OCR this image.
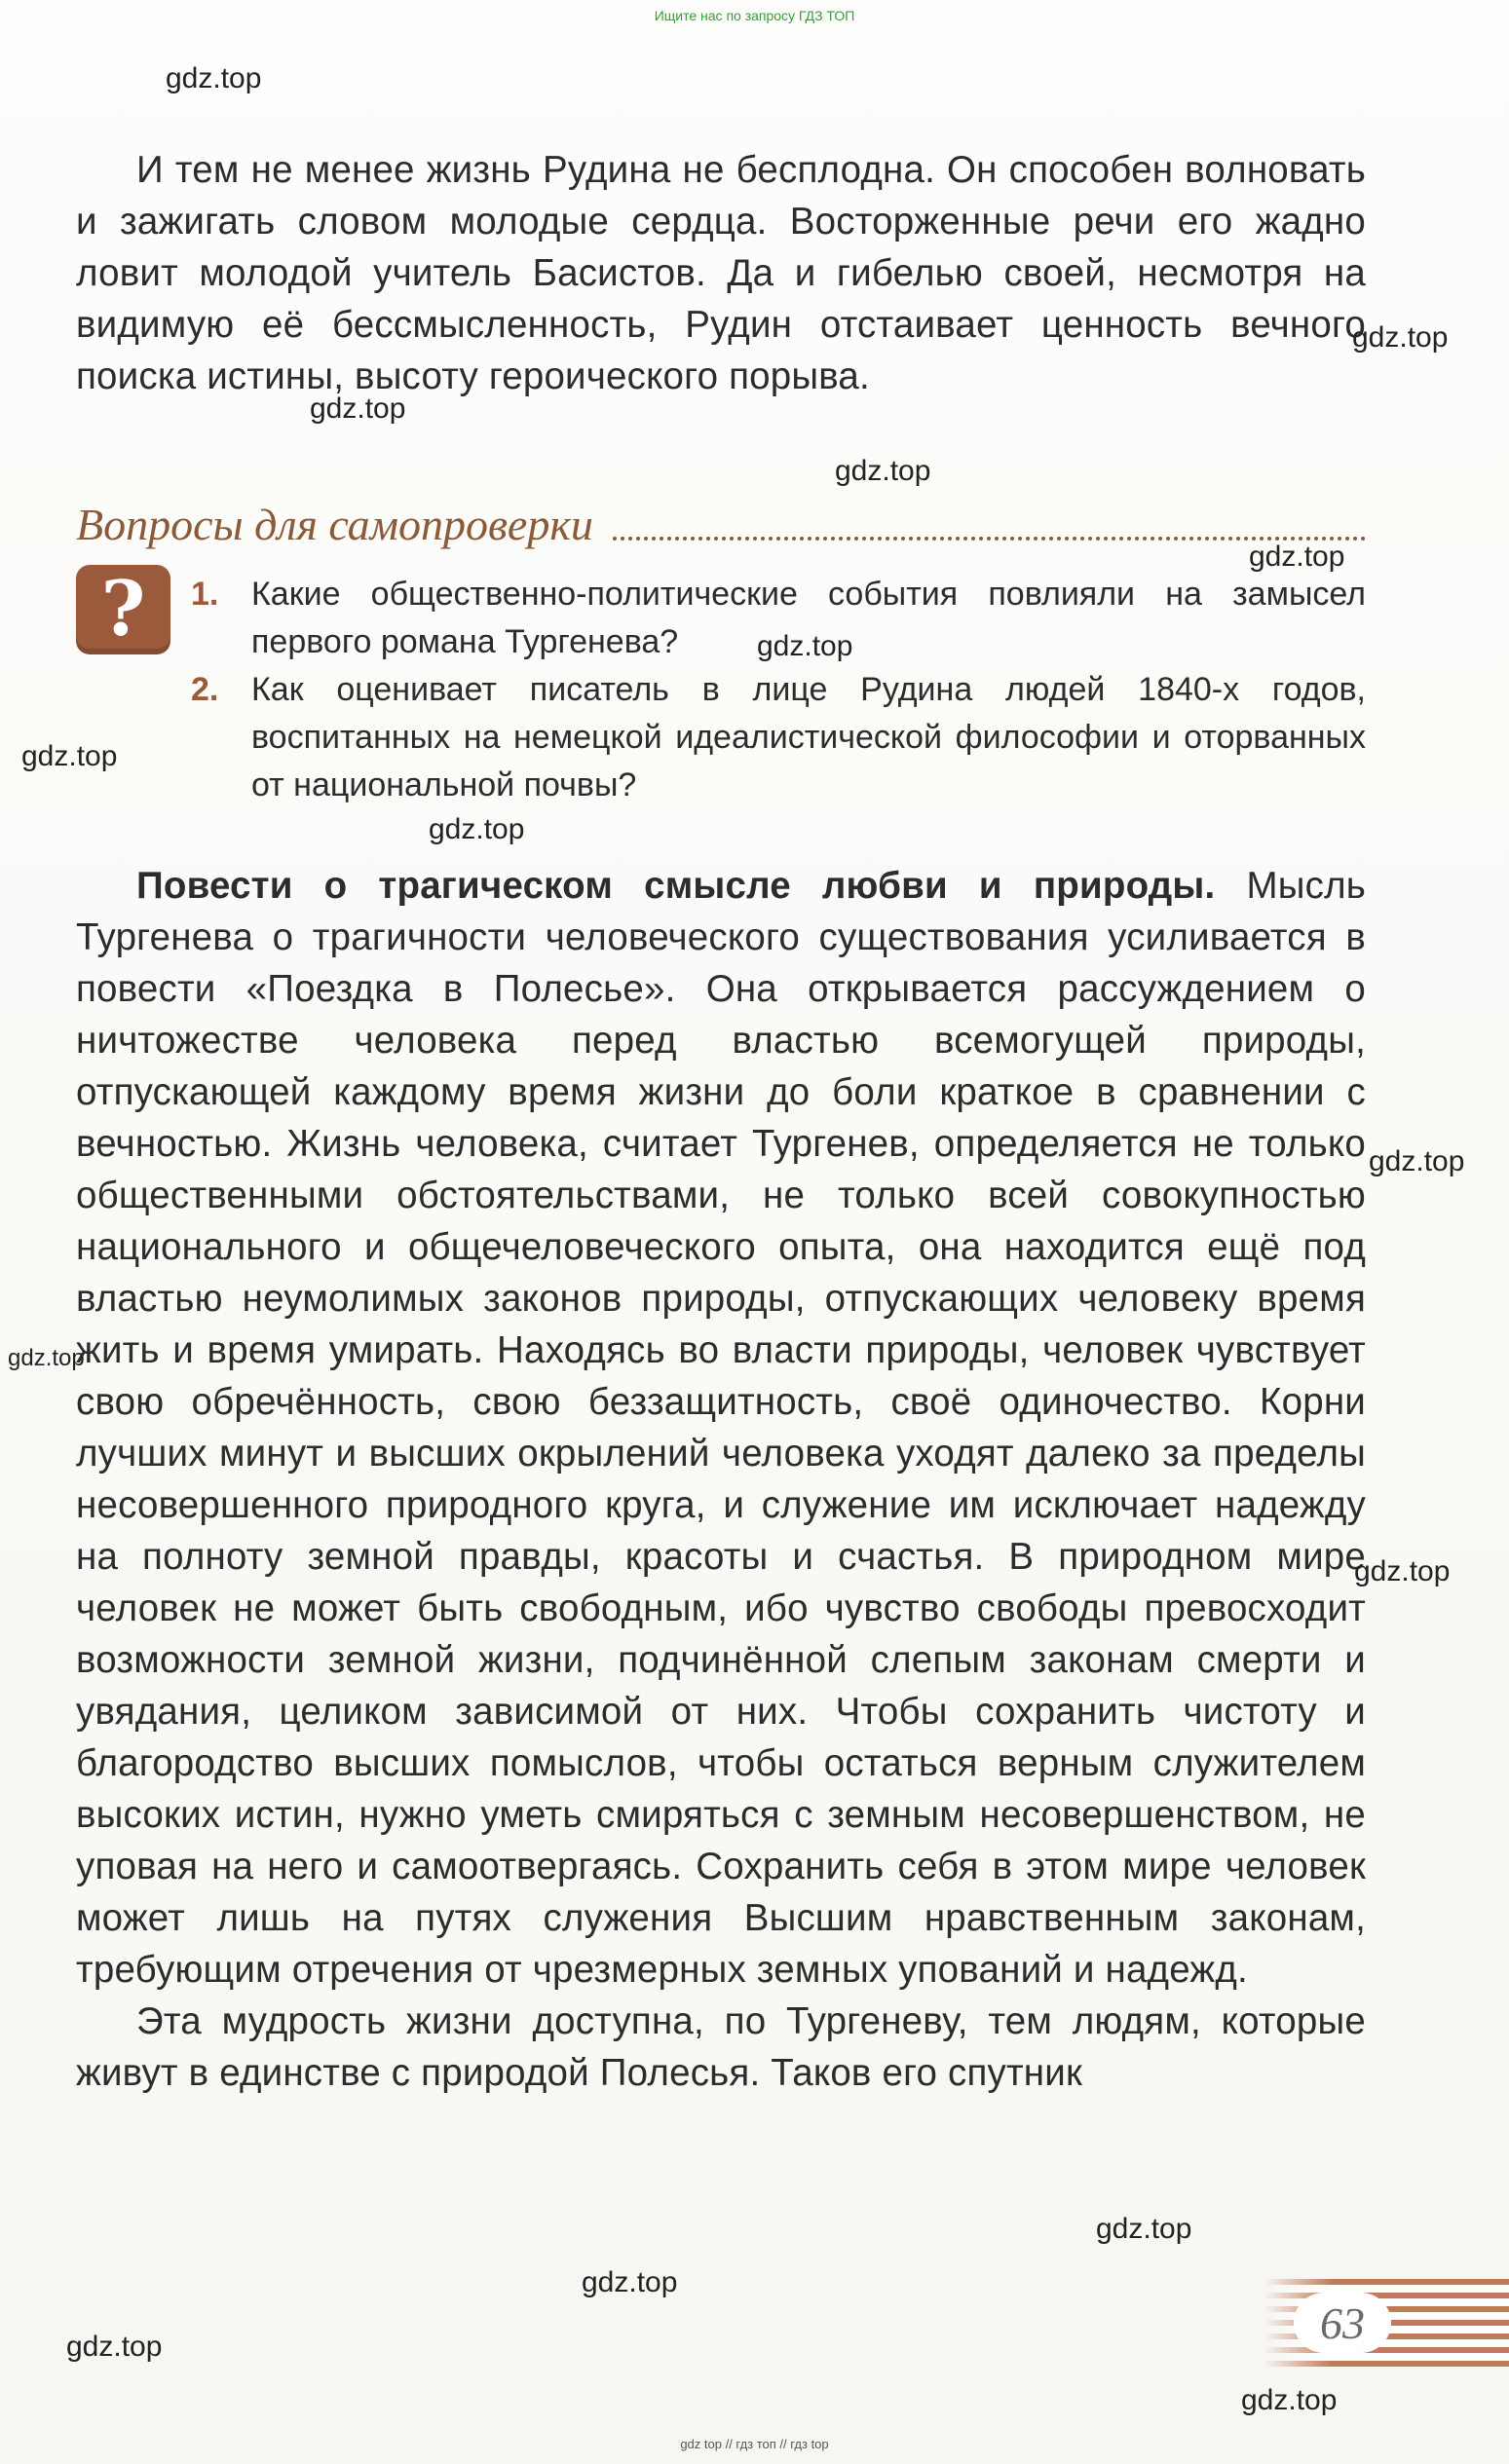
Ищите нас по запросу ГДЗ ТОП

И тем не менее жизнь Рудина не бесплодна. Он способен волновать и зажигать словом молодые сердца. Восторженные речи его жадно ловит молодой учитель Басистов. Да и гибелью своей, несмотря на видимую её бессмысленность, Рудин отстаивает ценность вечного поиска истины, высоту героического порыва.

Вопросы для самопроверки
? 1. Какие общественно-политические события повлияли на замысел первого романа Тургенева?
2. Как оценивает писатель в лице Рудина людей 1840-х годов, воспитанных на немецкой идеалистической философии и оторванных от национальной почвы?

Повести о трагическом смысле любви и природы. Мысль Тургенева о трагичности человеческого существования усиливается в повести «Поездка в Полесье». Она открывается рассуждением о ничтожестве человека перед властью всемогущей природы, отпускающей каждому время жизни до боли краткое в сравнении с вечностью. Жизнь человека, считает Тургенев, определяется не только общественными обстоятельствами, не только всей совокупностью национального и общечеловеческого опыта, она находится ещё под властью неумолимых законов природы, отпускающих человеку время жить и время умирать. Находясь во власти природы, человек чувствует свою обречённость, свою беззащитность, своё одиночество. Корни лучших минут и высших окрылений человека уходят далеко за пределы несовершенного природного круга, и служение им исключает надежду на полноту земной правды, красоты и счастья. В природном мире человек не может быть свободным, ибо чувство свободы превосходит возможности земной жизни, подчинённой слепым законам смерти и увядания, целиком зависимой от них. Чтобы сохранить чистоту и благородство высших помыслов, чтобы остаться верным служителем высоких истин, нужно уметь смиряться с земным несовершенством, не уповая на него и самоотвергаясь. Сохранить себя в этом мире человек может лишь на путях служения Высшим нравственным законам, требующим отречения от чрезмерных земных упований и надежд.

Эта мудрость жизни доступна, по Тургеневу, тем людям, которые живут в единстве с природой Полесья. Таков его спутник

63
gdz top // гдз топ // гдз top
gdz.top
gdz.top
gdz.top
gdz.top
gdz.top
gdz.top
gdz.top
gdz.top
gdz.top
gdz.top
gdz.top
gdz.top
gdz.top
gdz.top
gdz.top
